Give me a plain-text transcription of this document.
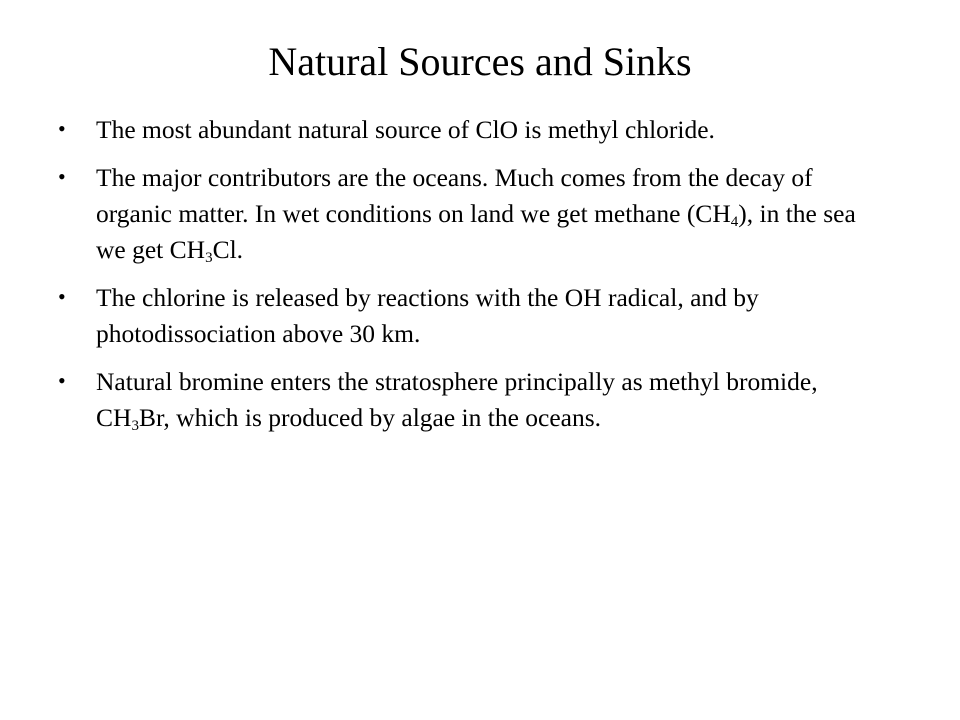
Natural Sources and Sinks
• The most abundant natural source of ClO is methyl chloride.
• The major contributors are the oceans. Much comes from the decay of organic matter. In wet conditions on land we get methane $(CH_4)$, in the sea we get $CH_3Cl$.
• The chlorine is released by reactions with the OH radical, and by photodissociation above 30 km.
• Natural bromine enters the stratosphere principally as methyl bromide, $CH_3Br$, which is produced by algae in the oceans.
